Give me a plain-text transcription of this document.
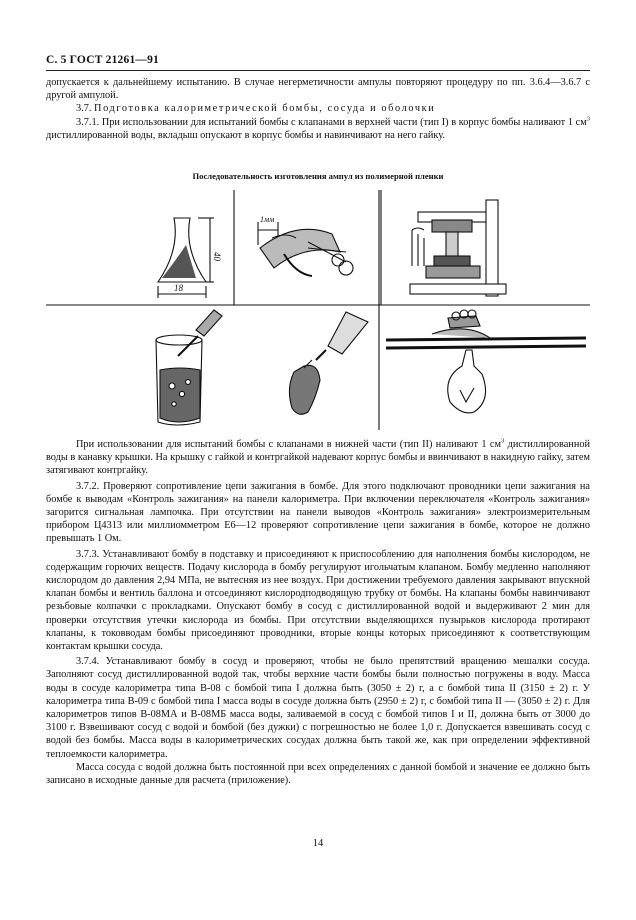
С. 5 ГОСТ 21261—91

допускается к дальнейшему испытанию. В случае негерметичности ампулы повторяют процедуру по пп. 3.6.4—3.6.7 с другой ампулой.

3.7. Подготовка калориметрической бомбы, сосуда и оболочки

3.7.1. При использовании для испытаний бомбы с клапанами в верхней части (тип I) в корпус бомбы наливают 1 $см^3$ дистиллированной воды, вкладыш опускают в корпус бомбы и навинчивают на него гайку.

Последовательность изготовления ампул из полимерной пленки
40
18
1мм

При использовании для испытаний бомбы с клапанами в нижней части (тип II) наливают 1 $см^3$ дистиллированной воды в канавку крышки. На крышку с гайкой и контргайкой надевают корпус бомбы и ввинчивают в накидную гайку, затем затягивают контргайку.

3.7.2. Проверяют сопротивление цепи зажигания в бомбе. Для этого подключают проводники цепи зажигания на бомбе к выводам «Контроль зажигания» на панели калориметра. При включении переключателя «Контроль зажигания» загорится сигнальная лампочка. При отсутствии на панели выводов «Контроль зажигания» электроизмерительным прибором Ц4313 или миллиомметром Е6—12 проверяют сопротивление цепи зажигания в бомбе, которое не должно превышать 1 Ом.

3.7.3. Устанавливают бомбу в подставку и присоединяют к приспособлению для наполнения бомбы кислородом, не содержащим горючих веществ. Подачу кислорода в бомбу регулируют игольчатым клапаном. Бомбу медленно наполняют кислородом до давления 2,94 МПа, не вытесняя из нее воздух. При достижении требуемого давления закрывают впускной клапан бомбы и вентиль баллона и отсоединяют кислородподводящую трубку от бомбы. На клапаны бомбы навинчивают резьбовые колпачки с прокладками. Опускают бомбу в сосуд с дистиллированной водой и выдерживают 2 мин для проверки отсутствия утечки кислорода из бомбы. При отсутствии выделяющихся пузырьков кислорода протирают клапаны, к токовводам бомбы присоединяют проводники, вторые концы которых присоединяют к соответствующим контактам крышки сосуда.

3.7.4. Устанавливают бомбу в сосуд и проверяют, чтобы не было препятствий вращению мешалки сосуда. Заполняют сосуд дистиллированной водой так, чтобы верхние части бомбы были полностью погружены в воду. Масса воды в сосуде калориметра типа В-08 с бомбой типа I должна быть (3050 ± 2) г, а с бомбой типа II (3150 ± 2) г. У калориметра типа В-09 с бомбой типа I масса воды в сосуде должна быть (2950 ± 2) г, с бомбой типа II — (3050 ± 2) г. Для калориметров типов В-08МА и В-08МБ масса воды, заливаемой в сосуд с бомбой типов I и II, должна быть от 3000 до 3100 г. Взвешивают сосуд с водой и бомбой (без дужки) с погрешностью не более 1,0 г. Допускается взвешивать сосуд с водой без бомбы. Масса воды в калориметрических сосудах должна быть такой же, как при определении эффективной теплоемкости калориметра.

Масса сосуда с водой должна быть постоянной при всех определениях с данной бомбой и значение ее должно быть записано в исходные данные для расчета (приложение).

14
